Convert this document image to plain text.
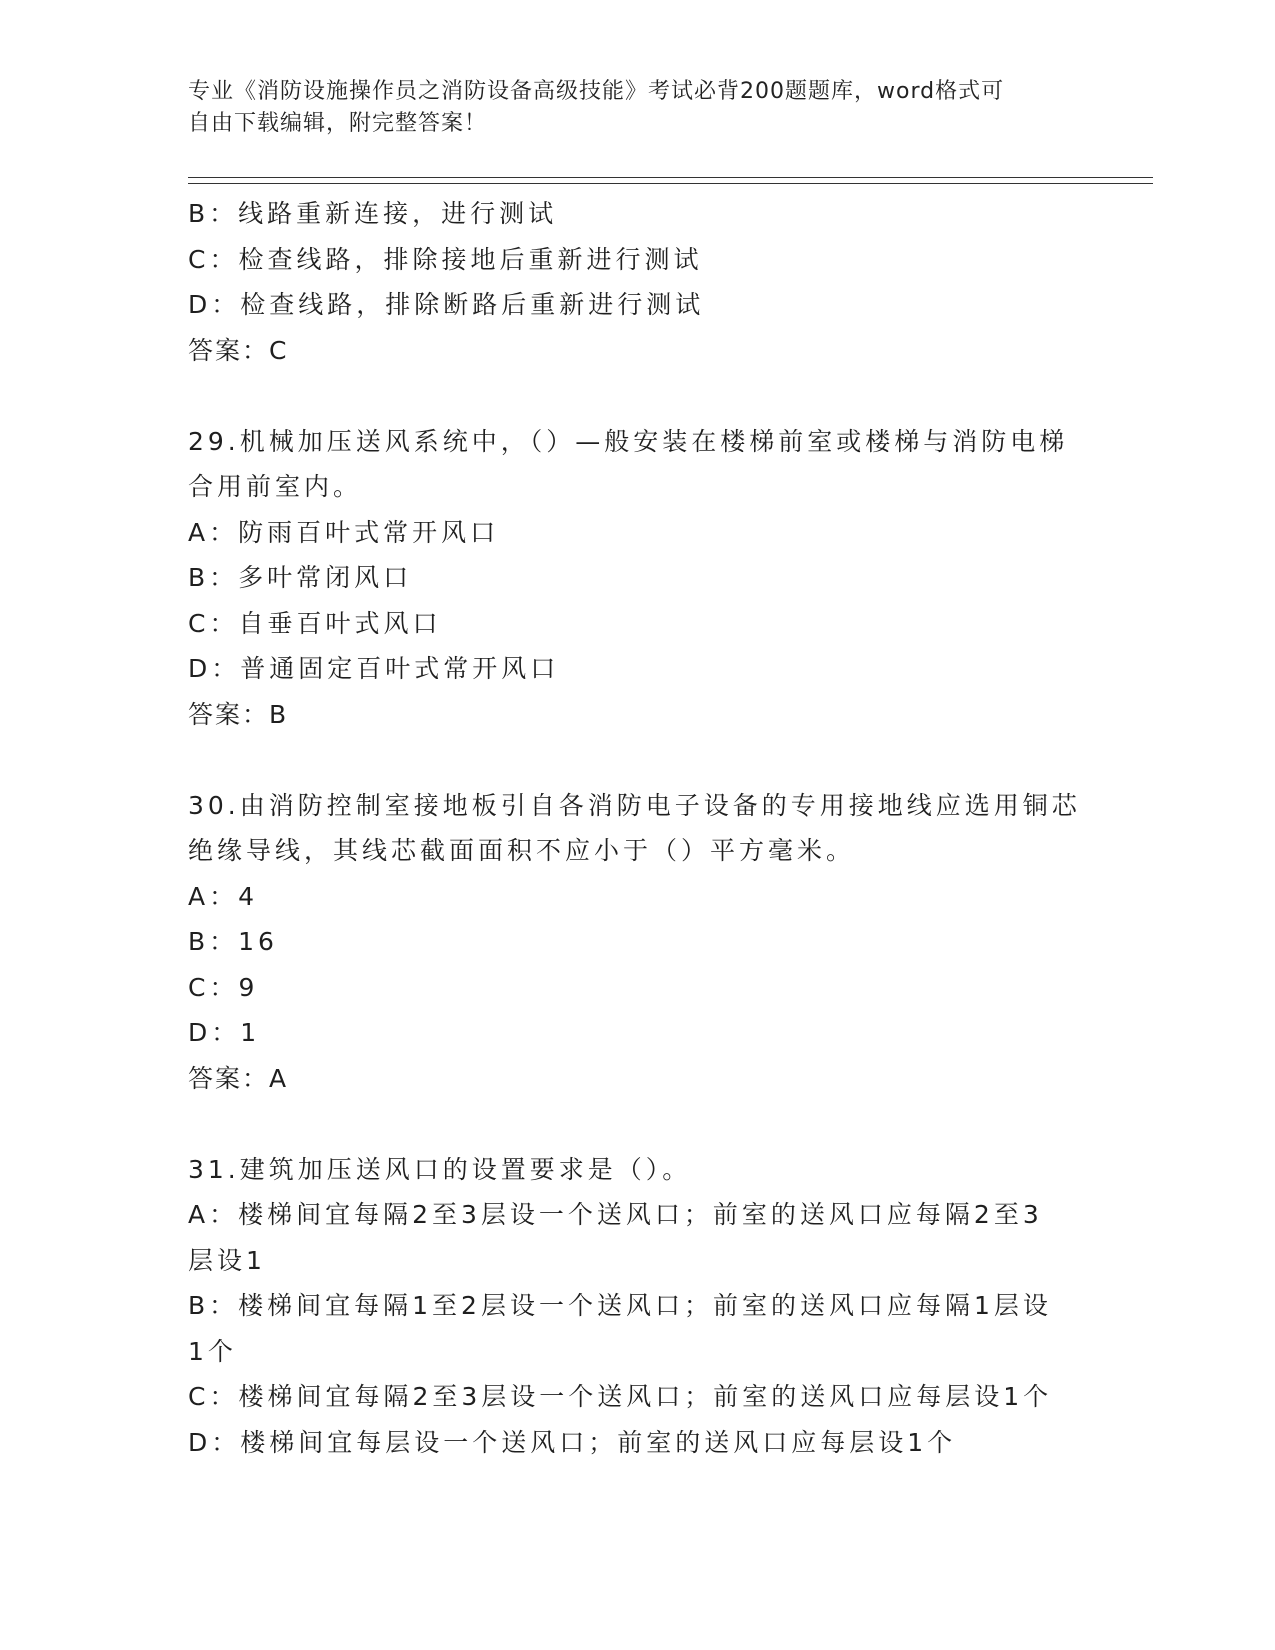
专业《消防设施操作员之消防设备高级技能》考试必背200题题库，word格式可
自由下载编辑，附完整答案！
B：线路重新连接，进行测试
C：检查线路，排除接地后重新进行测试
D：检查线路，排除断路后重新进行测试
答案：C
29.机械加压送风系统中，（）—般安装在楼梯前室或楼梯与消防电梯
合用前室内。
A：防雨百叶式常开风口
B：多叶常闭风口
C：自垂百叶式风口
D：普通固定百叶式常开风口
答案：B
30.由消防控制室接地板引自各消防电子设备的专用接地线应选用铜芯
绝缘导线，其线芯截面面积不应小于（）平方毫米。
A：4
B：16
C：9
D：1
答案：A
31.建筑加压送风口的设置要求是（）。
A：楼梯间宜每隔2至3层设一个送风口；前室的送风口应每隔2至3
层设1
B：楼梯间宜每隔1至2层设一个送风口；前室的送风口应每隔1层设
1个
C：楼梯间宜每隔2至3层设一个送风口；前室的送风口应每层设1个
D：楼梯间宜每层设一个送风口；前室的送风口应每层设1个
